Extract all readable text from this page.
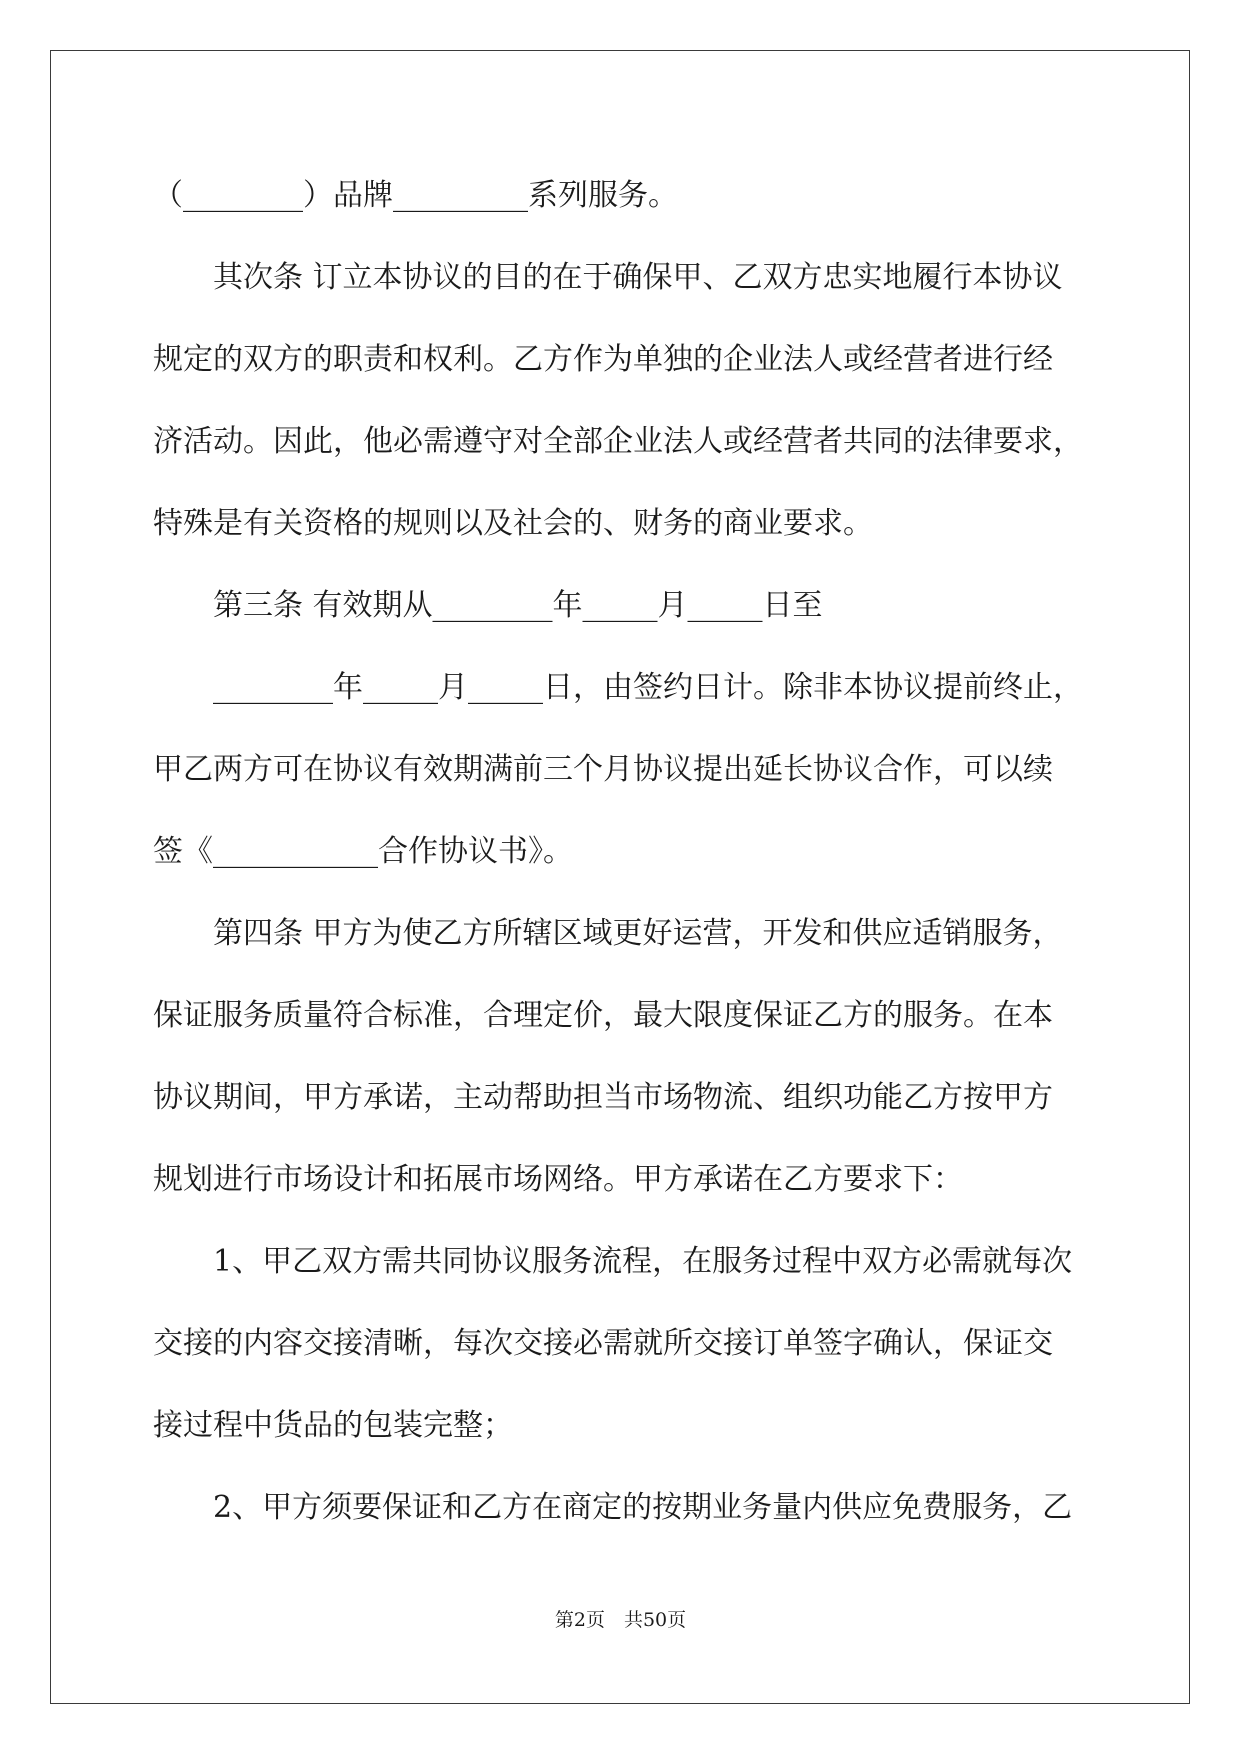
（________）品牌_________系列服务。
　　其次条 订立本协议的目的在于确保甲、乙双方忠实地履行本协议
规定的双方的职责和权利。乙方作为单独的企业法人或经营者进行经
济活动。因此，他必需遵守对全部企业法人或经营者共同的法律要求，
特殊是有关资格的规则以及社会的、财务的商业要求。
　　第三条 有效期从________年_____月_____日至
　　________年_____月_____日，由签约日计。除非本协议提前终止，
甲乙两方可在协议有效期满前三个月协议提出延长协议合作，可以续
签《___________合作协议书》。
　　第四条 甲方为使乙方所辖区域更好运营，开发和供应适销服务，
保证服务质量符合标准，合理定价，最大限度保证乙方的服务。在本
协议期间，甲方承诺，主动帮助担当市场物流、组织功能乙方按甲方
规划进行市场设计和拓展市场网络。甲方承诺在乙方要求下：
　　1、甲乙双方需共同协议服务流程，在服务过程中双方必需就每次
交接的内容交接清晰，每次交接必需就所交接订单签字确认，保证交
接过程中货品的包装完整；
　　2、甲方须要保证和乙方在商定的按期业务量内供应免费服务，乙
第2页　共50页
